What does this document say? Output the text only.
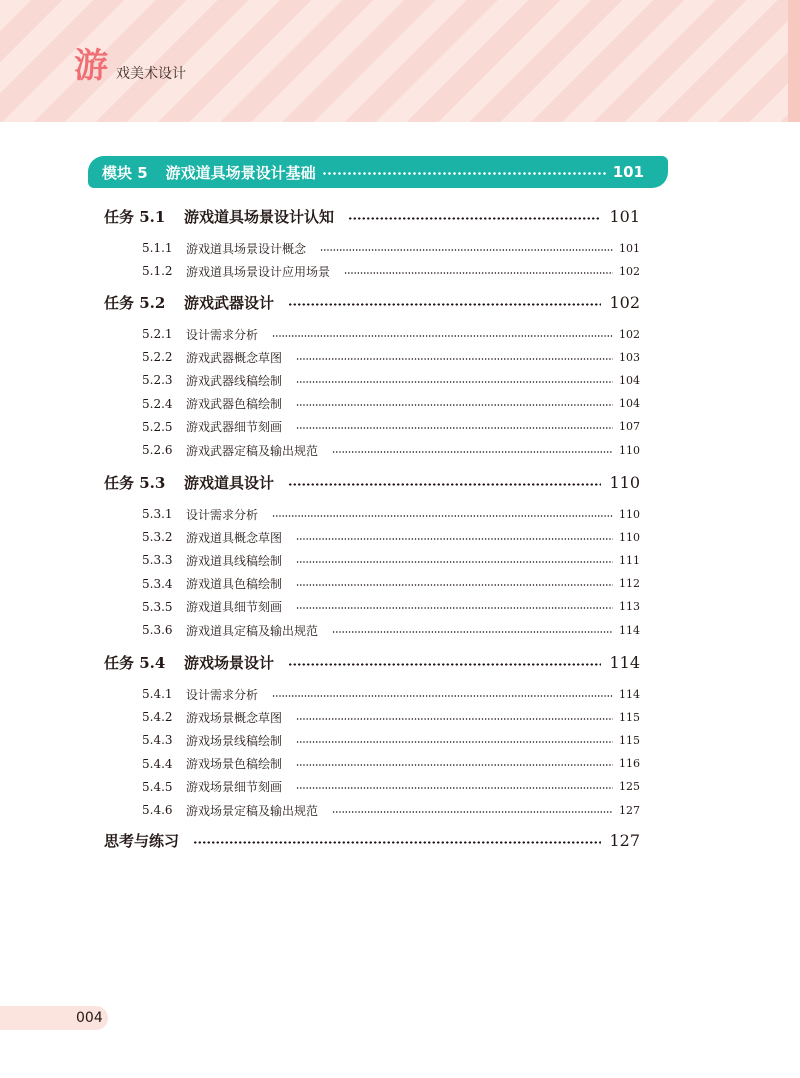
游 戏美术设计
模块 5 游戏道具场景设计基础	101
任务 5.1	游戏道具场景设计认知	101
5.1.1	游戏道具场景设计概念	101
5.1.2	游戏道具场景设计应用场景	102
任务 5.2	游戏武器设计	102
5.2.1	设计需求分析	102
5.2.2	游戏武器概念草图	103
5.2.3	游戏武器线稿绘制	104
5.2.4	游戏武器色稿绘制	104
5.2.5	游戏武器细节刻画	107
5.2.6	游戏武器定稿及输出规范	110
任务 5.3	游戏道具设计	110
5.3.1	设计需求分析	110
5.3.2	游戏道具概念草图	110
5.3.3	游戏道具线稿绘制	111
5.3.4	游戏道具色稿绘制	112
5.3.5	游戏道具细节刻画	113
5.3.6	游戏道具定稿及输出规范	114
任务 5.4	游戏场景设计	114
5.4.1	设计需求分析	114
5.4.2	游戏场景概念草图	115
5.4.3	游戏场景线稿绘制	115
5.4.4	游戏场景色稿绘制	116
5.4.5	游戏场景细节刻画	125
5.4.6	游戏场景定稿及输出规范	127
思考与练习	127
004
